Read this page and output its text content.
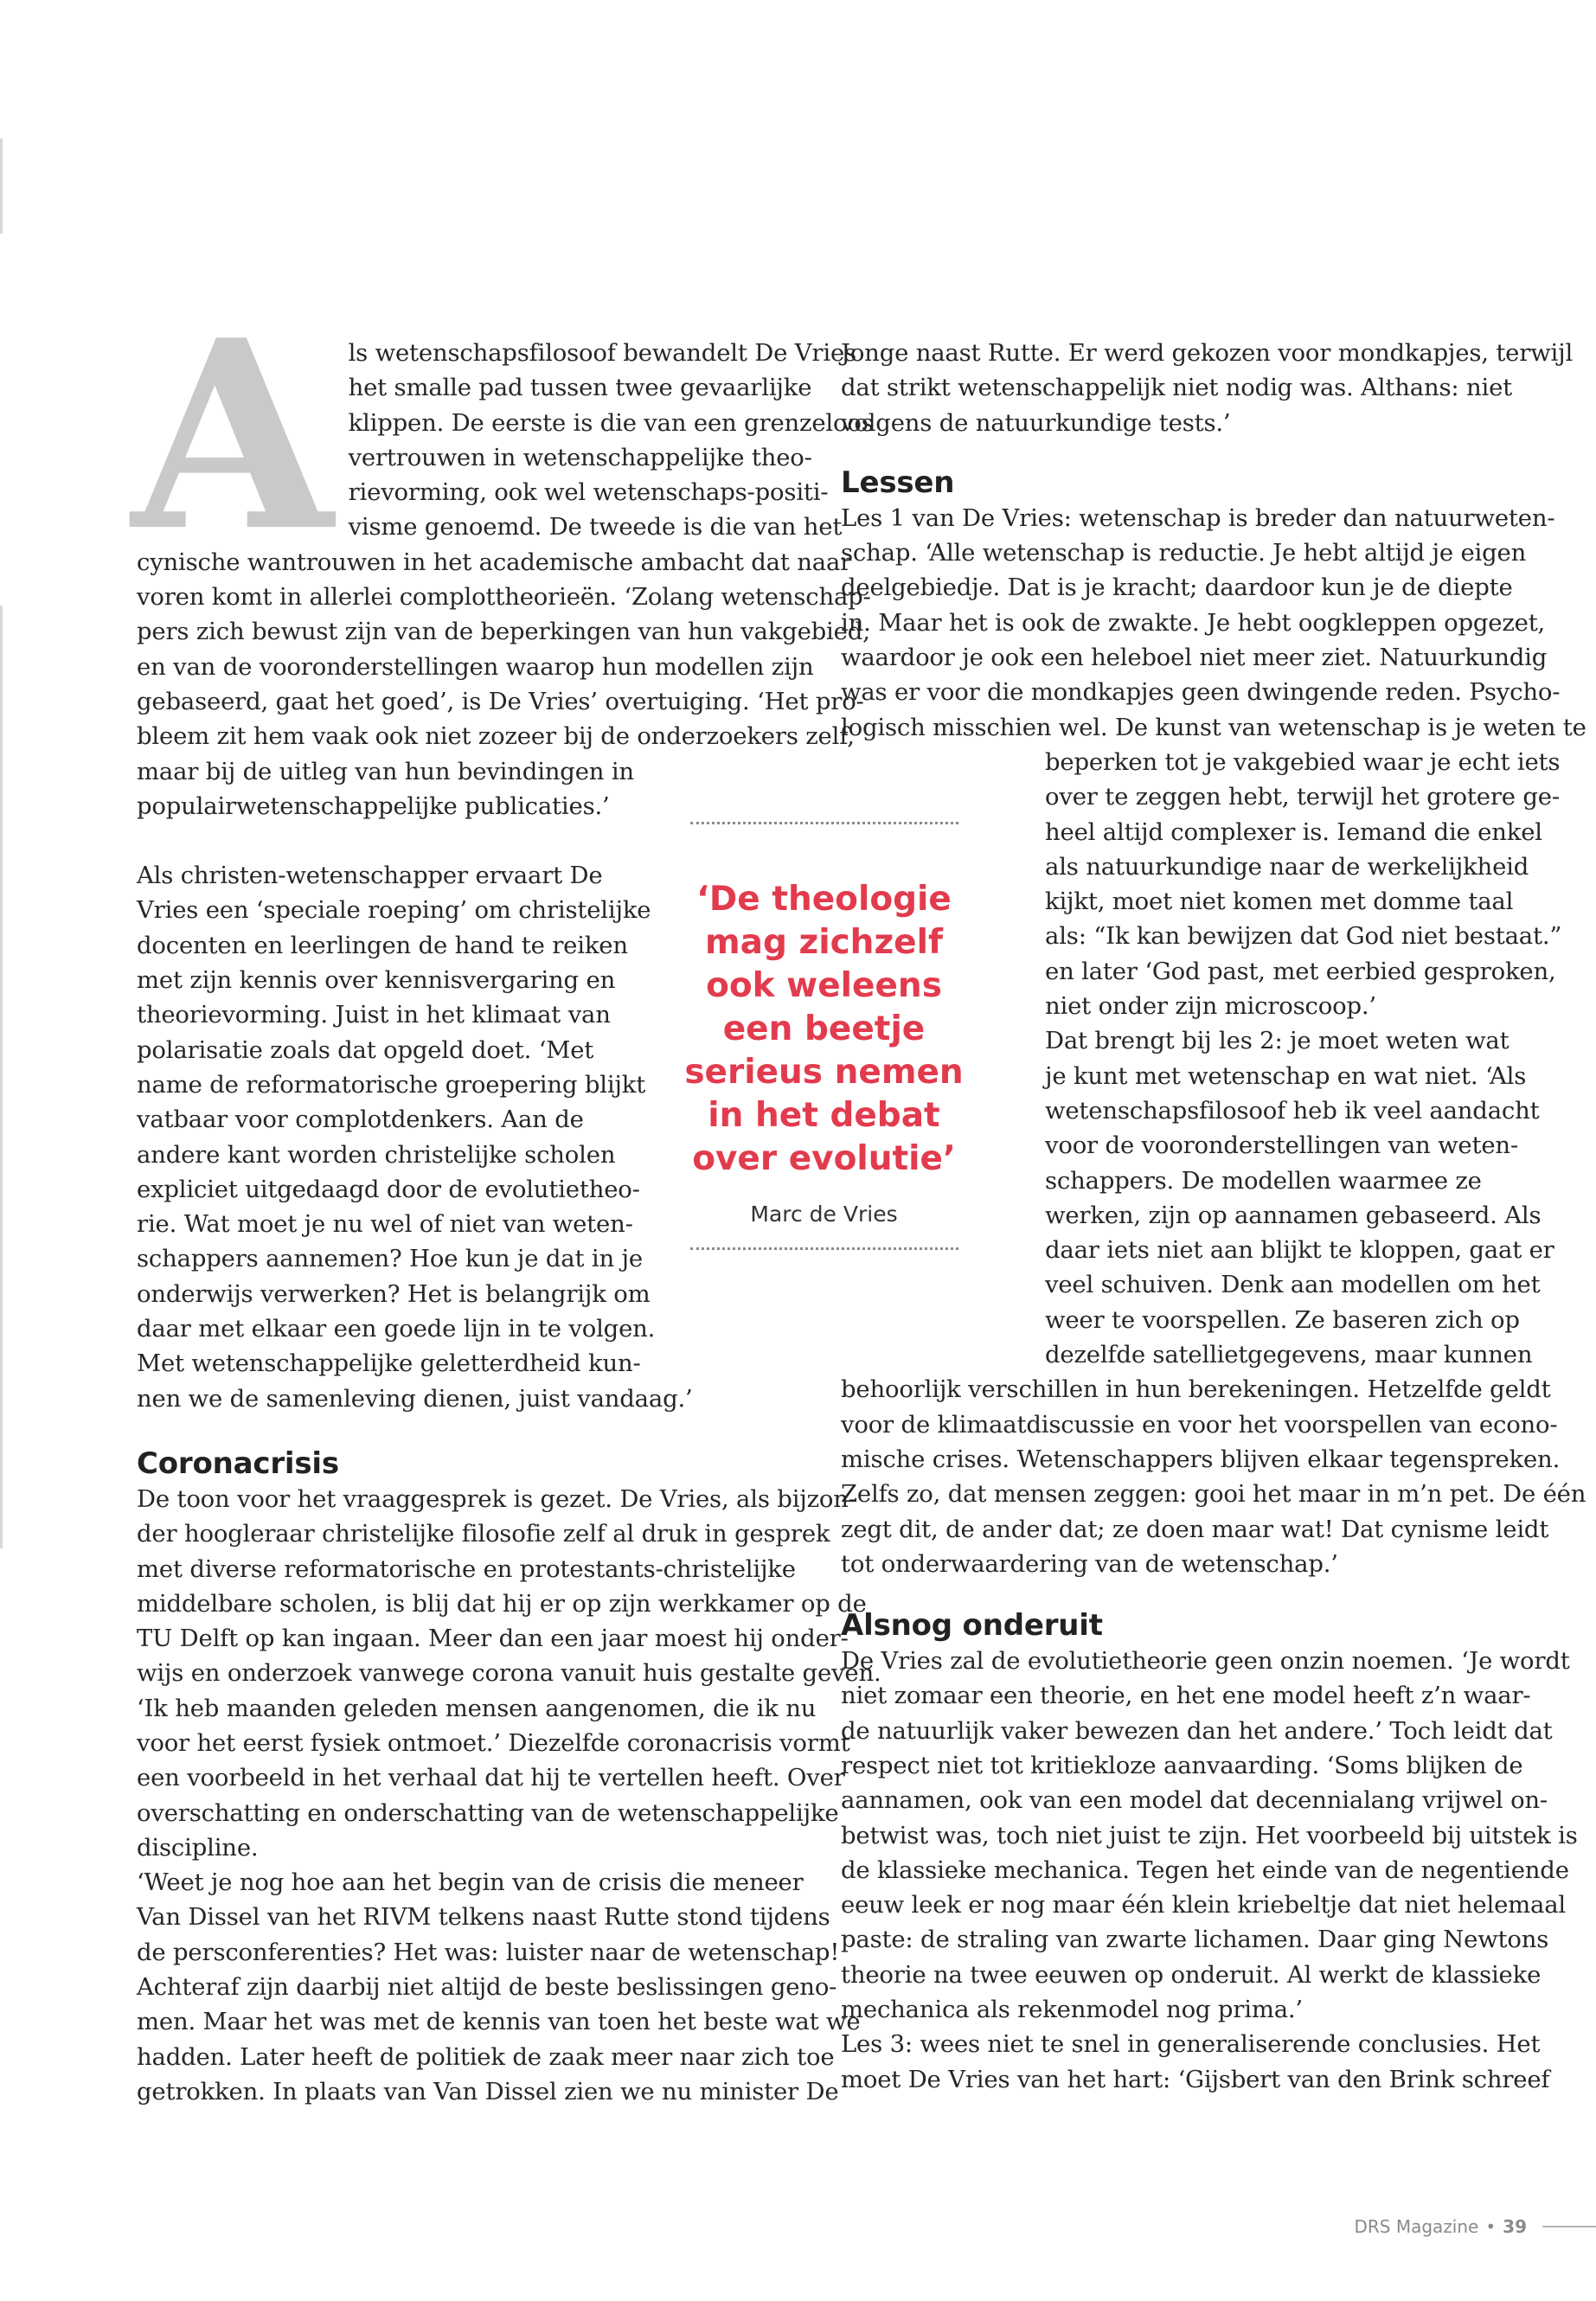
A ls wetenschapsfilosoof bewandelt De Vries
het smalle pad tussen twee gevaarlijke
klippen. De eerste is die van een grenzeloos
vertrouwen in wetenschappelijke theo-
rievorming, ook wel wetenschaps-positi-
visme genoemd. De tweede is die van het
cynische wantrouwen in het academische ambacht dat naar
voren komt in allerlei complottheorieën. ‘Zolang wetenschap-
pers zich bewust zijn van de beperkingen van hun vakgebied,
en van de vooronderstellingen waarop hun modellen zijn
gebaseerd, gaat het goed’, is De Vries’ overtuiging. ‘Het pro-
bleem zit hem vaak ook niet zozeer bij de onderzoekers zelf,
maar bij de uitleg van hun bevindingen in
populairwetenschappelijke publicaties.’
Als christen-wetenschapper ervaart De
Vries een ‘speciale roeping’ om christelijke
docenten en leerlingen de hand te reiken
met zijn kennis over kennisvergaring en
theorievorming. Juist in het klimaat van
polarisatie zoals dat opgeld doet. ‘Met
name de reformatorische groepering blijkt
vatbaar voor complotdenkers. Aan de
andere kant worden christelijke scholen
expliciet uitgedaagd door de evolutietheo-
rie. Wat moet je nu wel of niet van weten-
schappers aannemen? Hoe kun je dat in je
onderwijs verwerken? Het is belangrijk om
daar met elkaar een goede lijn in te volgen.
Met wetenschappelijke geletterdheid kun-
nen we de samenleving dienen, juist vandaag.’
Coronacrisis
De toon voor het vraaggesprek is gezet. De Vries, als bijzon-
der hoogleraar christelijke filosofie zelf al druk in gesprek
met diverse reformatorische en protestants-christelijke
middelbare scholen, is blij dat hij er op zijn werkkamer op de
TU Delft op kan ingaan. Meer dan een jaar moest hij onder-
wijs en onderzoek vanwege corona vanuit huis gestalte geven.
‘Ik heb maanden geleden mensen aangenomen, die ik nu
voor het eerst fysiek ontmoet.’ Diezelfde coronacrisis vormt
een voorbeeld in het verhaal dat hij te vertellen heeft. Over
overschatting en onderschatting van de wetenschappelijke
discipline.
‘Weet je nog hoe aan het begin van de crisis die meneer
Van Dissel van het RIVM telkens naast Rutte stond tijdens
de persconferenties? Het was: luister naar de wetenschap!
Achteraf zijn daarbij niet altijd de beste beslissingen geno-
men. Maar het was met de kennis van toen het beste wat we
hadden. Later heeft de politiek de zaak meer naar zich toe
getrokken. In plaats van Van Dissel zien we nu minister De
Jonge naast Rutte. Er werd gekozen voor mondkapjes, terwijl
dat strikt wetenschappelijk niet nodig was. Althans: niet
volgens de natuurkundige tests.’
Lessen
Les 1 van De Vries: wetenschap is breder dan natuurweten-
schap. ‘Alle wetenschap is reductie. Je hebt altijd je eigen
deelgebiedje. Dat is je kracht; daardoor kun je de diepte
in. Maar het is ook de zwakte. Je hebt oogkleppen opgezet,
waardoor je ook een heleboel niet meer ziet. Natuurkundig
was er voor die mondkapjes geen dwingende reden. Psycho-
logisch misschien wel. De kunst van wetenschap is je weten te
beperken tot je vakgebied waar je echt iets
over te zeggen hebt, terwijl het grotere ge-
heel altijd complexer is. Iemand die enkel
als natuurkundige naar de werkelijkheid
kijkt, moet niet komen met domme taal
als: “Ik kan bewijzen dat God niet bestaat.”
en later ‘God past, met eerbied gesproken,
niet onder zijn microscoop.’
Dat brengt bij les 2: je moet weten wat
je kunt met wetenschap en wat niet. ‘Als
wetenschapsfilosoof heb ik veel aandacht
voor de vooronderstellingen van weten-
schappers. De modellen waarmee ze
werken, zijn op aannamen gebaseerd. Als
daar iets niet aan blijkt te kloppen, gaat er
veel schuiven. Denk aan modellen om het
weer te voorspellen. Ze baseren zich op
dezelfde satellietgegevens, maar kunnen
behoorlijk verschillen in hun berekeningen. Hetzelfde geldt
voor de klimaatdiscussie en voor het voorspellen van econo-
mische crises. Wetenschappers blijven elkaar tegenspreken.
Zelfs zo, dat mensen zeggen: gooi het maar in m’n pet. De één
zegt dit, de ander dat; ze doen maar wat! Dat cynisme leidt
tot onderwaardering van de wetenschap.’
Alsnog onderuit
De Vries zal de evolutietheorie geen onzin noemen. ‘Je wordt
niet zomaar een theorie, en het ene model heeft z’n waar-
de natuurlijk vaker bewezen dan het andere.’ Toch leidt dat
respect niet tot kritiekloze aanvaarding. ‘Soms blijken de
aannamen, ook van een model dat decennialang vrijwel on-
betwist was, toch niet juist te zijn. Het voorbeeld bij uitstek is
de klassieke mechanica. Tegen het einde van de negentiende
eeuw leek er nog maar één klein kriebeltje dat niet helemaal
paste: de straling van zwarte lichamen. Daar ging Newtons
theorie na twee eeuwen op onderuit. Al werkt de klassieke
mechanica als rekenmodel nog prima.’
Les 3: wees niet te snel in generaliserende conclusies. Het
moet De Vries van het hart: ‘Gijsbert van den Brink schreef
‘De theologie mag zichzelf ook weleens een beetje serieus nemen in het debat over evolutie’
Marc de Vries
DRS Magazine • 39
